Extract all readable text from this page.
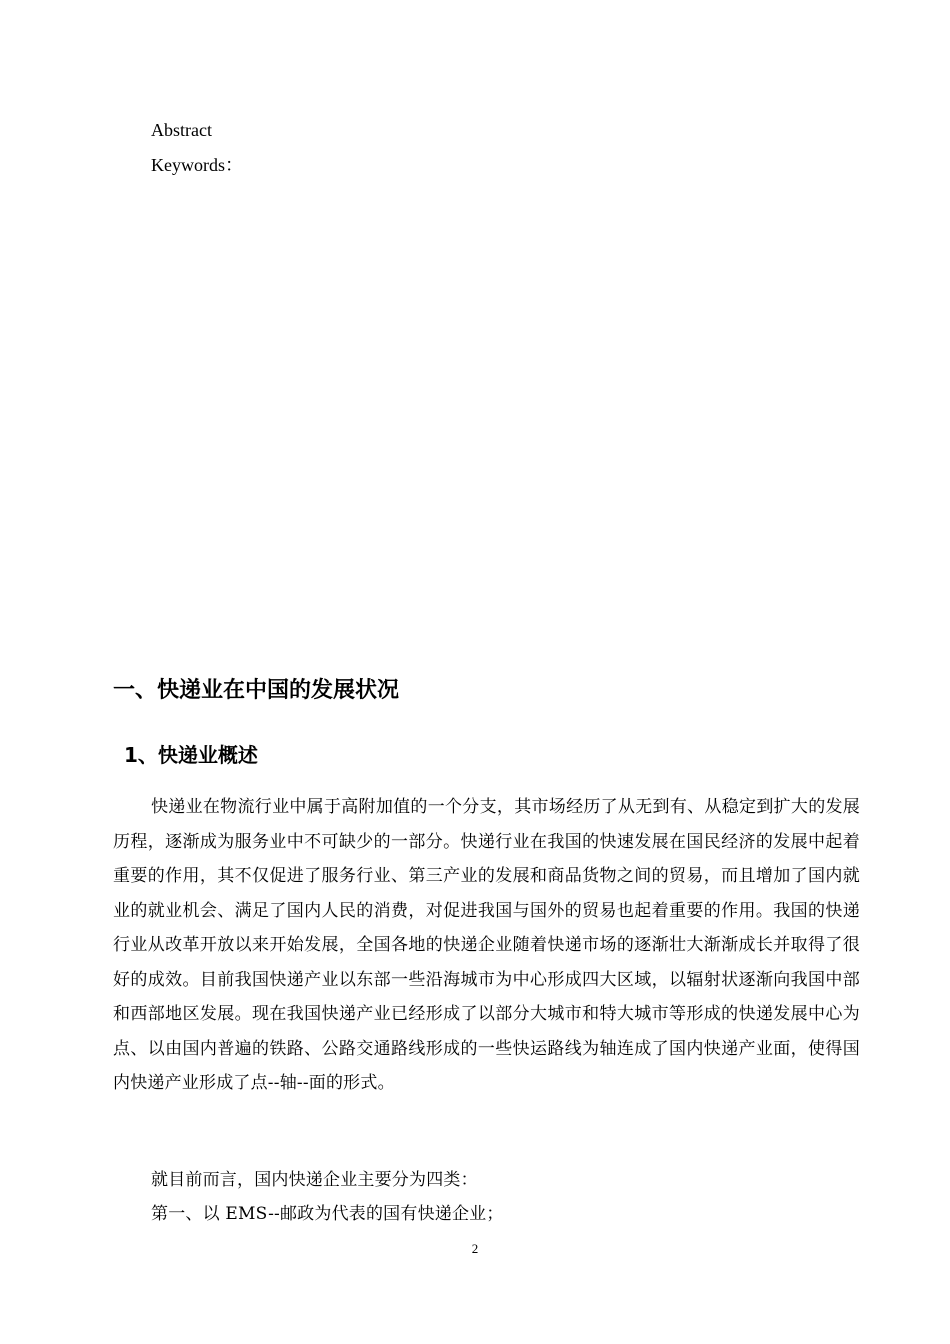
Abstract
Keywords：
一、快递业在中国的发展状况
1、快递业概述
快递业在物流行业中属于高附加值的一个分支，其市场经历了从无到有、从稳定到扩大的发展历程，逐渐成为服务业中不可缺少的一部分。快递行业在我国的快速发展在国民经济的发展中起着重要的作用，其不仅促进了服务行业、第三产业的发展和商品货物之间的贸易，而且增加了国内就业的就业机会、满足了国内人民的消费，对促进我国与国外的贸易也起着重要的作用。我国的快递行业从改革开放以来开始发展，全国各地的快递企业随着快递市场的逐渐壮大渐渐成长并取得了很好的成效。目前我国快递产业以东部一些沿海城市为中心形成四大区域，以辐射状逐渐向我国中部和西部地区发展。现在我国快递产业已经形成了以部分大城市和特大城市等形成的快递发展中心为点、以由国内普遍的铁路、公路交通路线形成的一些快运路线为轴连成了国内快递产业面，使得国内快递产业形成了点--轴--面的形式。
就目前而言，国内快递企业主要分为四类：
第一、以 EMS--邮政为代表的国有快递企业；
2
